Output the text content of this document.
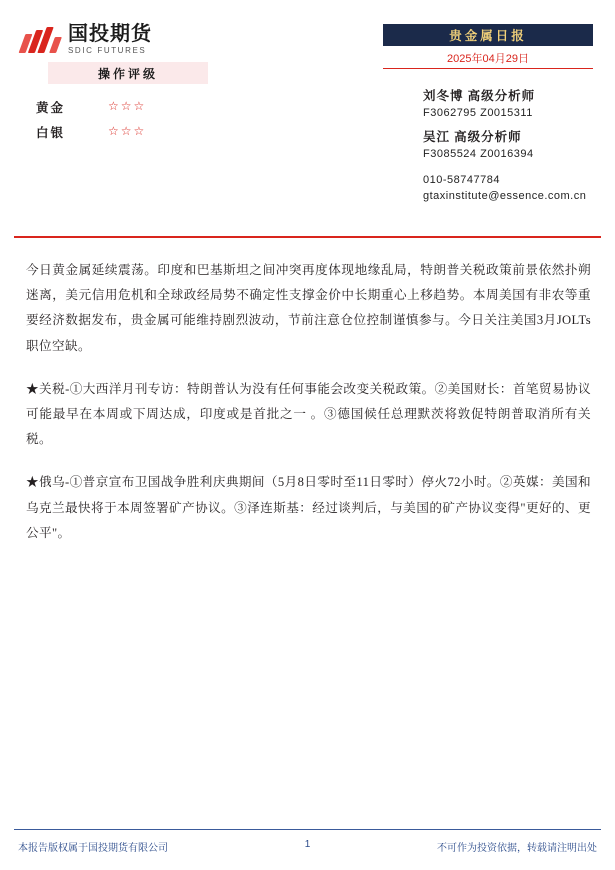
国投期货
SDIC FUTURES
操作评级
黄金	☆☆☆
白银	☆☆☆
贵金属日报
2025年04月29日
刘冬博 高级分析师
F3062795 Z0015311
吴江 高级分析师
F3085524 Z0016394
010-58747784
gtaxinstitute@essence.com.cn

今日黄金属延续震荡。印度和巴基斯坦之间冲突再度体现地缘乱局，特朗普关税政策前景依然扑朔迷离，美元信用危机和全球政经局势不确定性支撑金价中长期重心上移趋势。本周美国有非农等重要经济数据发布，贵金属可能维持剧烈波动，节前注意仓位控制谨慎参与。今日关注美国3月JOLTs职位空缺。

★关税-①大西洋月刊专访：特朗普认为没有任何事能会改变关税政策。②美国财长：首笔贸易协议可能最早在本周或下周达成，印度或是首批之一 。③德国候任总理默茨将敦促特朗普取消所有关税。

★俄乌-①普京宣布卫国战争胜利庆典期间（5月8日零时至11日零时）停火72小时。②英媒：美国和乌克兰最快将于本周签署矿产协议。③泽连斯基：经过谈判后，与美国的矿产协议变得"更好的、更公平"。

本报告版权属于国投期货有限公司	1	不可作为投资依据，转载请注明出处
